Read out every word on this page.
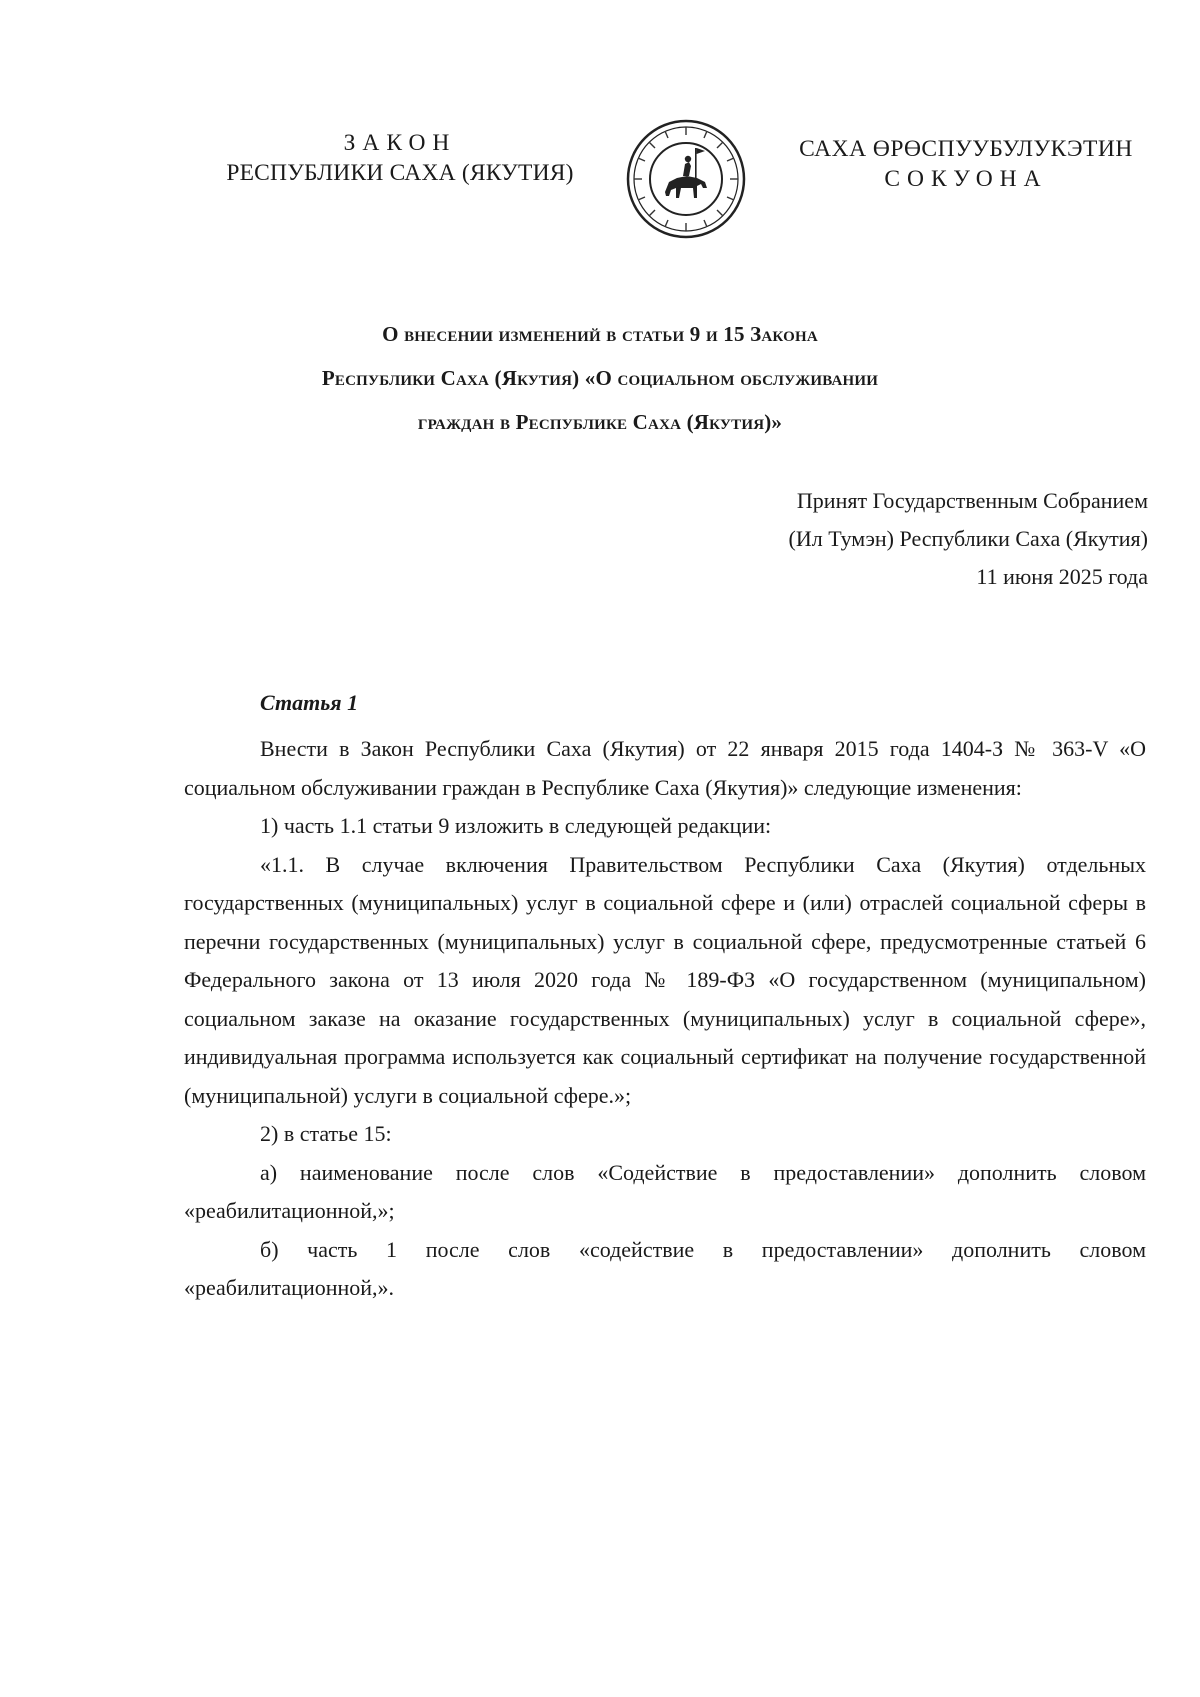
ЗАКОН
РЕСПУБЛИКИ САХА (ЯКУТИЯ)
САХА ӨРӨСПУУБУЛУКЭТИН
СОКУОНА
О внесении изменений в статьи 9 и 15 Закона
Республики Саха (Якутия) «О социальном обслуживании
граждан в Республике Саха (Якутия)»
Принят Государственным Собранием
(Ил Тумэн) Республики Саха (Якутия)
11 июня 2025 года
Статья 1

Внести в Закон Республики Саха (Якутия) от 22 января 2015 года 1404-З № 363-V «О социальном обслуживании граждан в Республике Саха (Якутия)» следующие изменения:

1) часть 1.1 статьи 9 изложить в следующей редакции:

«1.1. В случае включения Правительством Республики Саха (Якутия) отдельных государственных (муниципальных) услуг в социальной сфере и (или) отраслей социальной сферы в перечни государственных (муниципальных) услуг в социальной сфере, предусмотренные статьей 6 Федерального закона от 13 июля 2020 года № 189-ФЗ «О государственном (муниципальном) социальном заказе на оказание государственных (муниципальных) услуг в социальной сфере», индивидуальная программа используется как социальный сертификат на получение государственной (муниципальной) услуги в социальной сфере.»;

2) в статье 15:

а) наименование после слов «Содействие в предоставлении» дополнить словом «реабилитационной,»;

б) часть 1 после слов «содействие в предоставлении» дополнить словом «реабилитационной,».
